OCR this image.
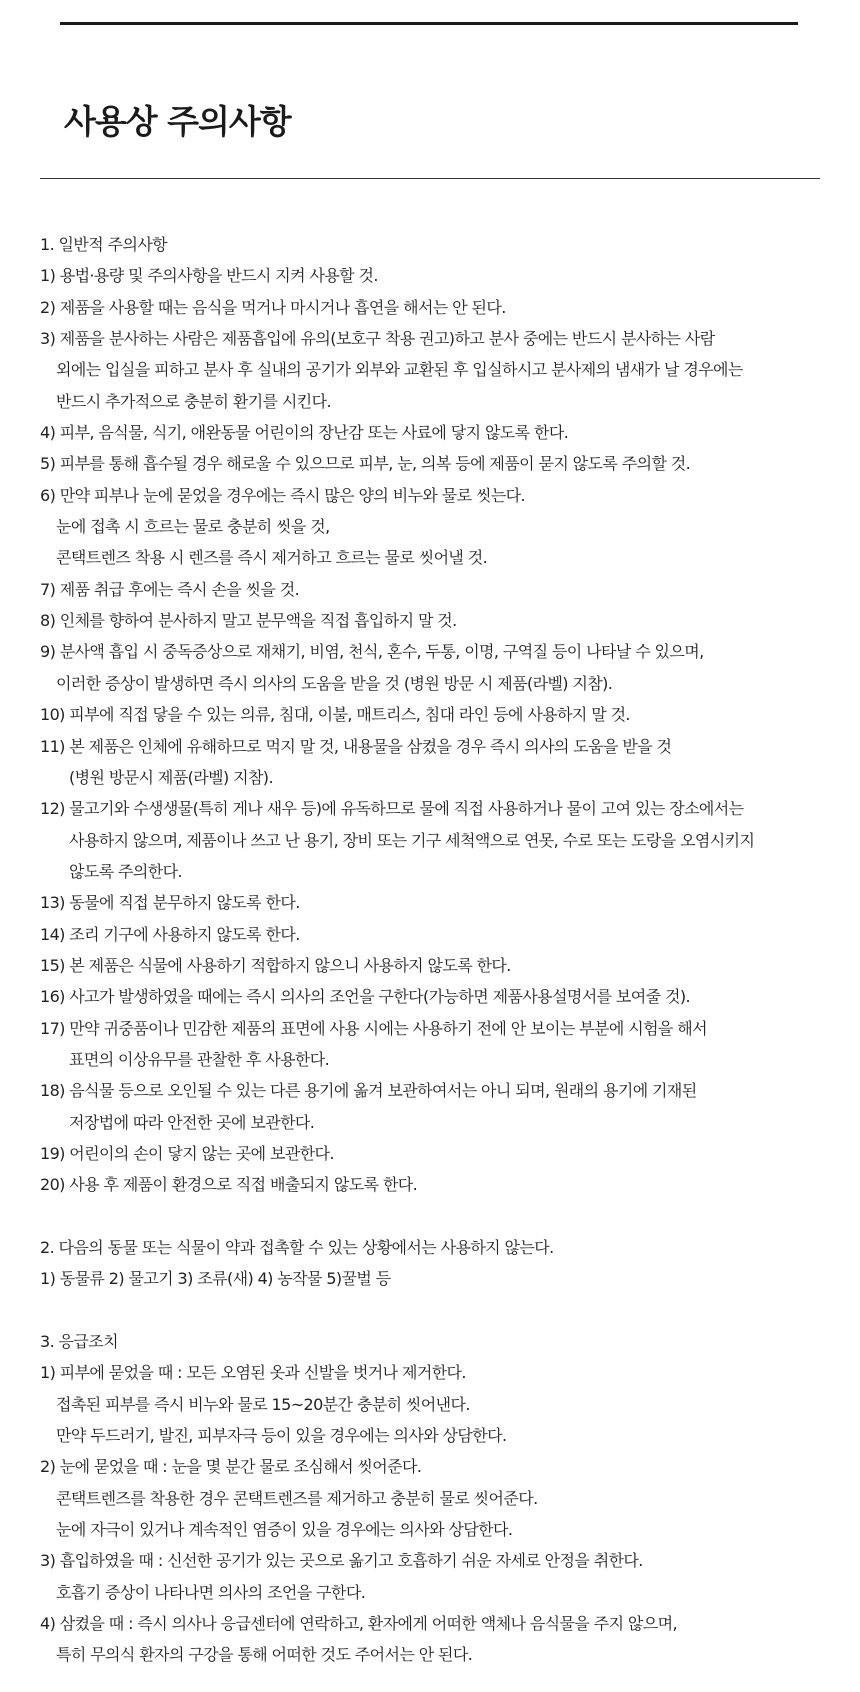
사용상 주의사항
1. 일반적 주의사항
1) 용법·용량 및 주의사항을 반드시 지켜 사용할 것.
2) 제품을 사용할 때는 음식을 먹거나 마시거나 흡연을 해서는 안 된다.
3) 제품을 분사하는 사람은 제품흡입에 유의(보호구 착용 권고)하고 분사 중에는 반드시 분사하는 사람
외에는 입실을 피하고 분사 후 실내의 공기가 외부와 교환된 후 입실하시고 분사제의 냄새가 날 경우에는
반드시 추가적으로 충분히 환기를 시킨다.
4) 피부, 음식물, 식기, 애완동물 어린이의 장난감 또는 사료에 닿지 않도록 한다.
5) 피부를 통해 흡수될 경우 해로울 수 있으므로 피부, 눈, 의복 등에 제품이 묻지 않도록 주의할 것.
6) 만약 피부나 눈에 묻었을 경우에는 즉시 많은 양의 비누와 물로 씻는다.
눈에 접촉 시 흐르는 물로 충분히 씻을 것,
콘택트렌즈 착용 시 렌즈를 즉시 제거하고 흐르는 물로 씻어낼 것.
7) 제품 취급 후에는 즉시 손을 씻을 것.
8) 인체를 향하여 분사하지 말고 분무액을 직접 흡입하지 말 것.
9) 분사액 흡입 시 중독증상으로 재채기, 비염, 천식, 혼수, 두통, 이명, 구역질 등이 나타날 수 있으며,
이러한 증상이 발생하면 즉시 의사의 도움을 받을 것 (병원 방문 시 제품(라벨) 지참).
10) 피부에 직접 닿을 수 있는 의류, 침대, 이불, 매트리스, 침대 라인 등에 사용하지 말 것.
11) 본 제품은 인체에 유해하므로 먹지 말 것, 내용물을 삼켰을 경우 즉시 의사의 도움을 받을 것
(병원 방문시 제품(라벨) 지참).
12) 물고기와 수생생물(특히 게나 새우 등)에 유독하므로 물에 직접 사용하거나 물이 고여 있는 장소에서는
사용하지 않으며, 제품이나 쓰고 난 용기, 장비 또는 기구 세척액으로 연못, 수로 또는 도랑을 오염시키지
않도록 주의한다.
13) 동물에 직접 분무하지 않도록 한다.
14) 조리 기구에 사용하지 않도록 한다.
15) 본 제품은 식물에 사용하기 적합하지 않으니 사용하지 않도록 한다.
16) 사고가 발생하였을 때에는 즉시 의사의 조언을 구한다(가능하면 제품사용설명서를 보여줄 것).
17) 만약 귀중품이나 민감한 제품의 표면에 사용 시에는 사용하기 전에 안 보이는 부분에 시험을 해서
표면의 이상유무를 관찰한 후 사용한다.
18) 음식물 등으로 오인될 수 있는 다른 용기에 옮겨 보관하여서는 아니 되며, 원래의 용기에 기재된
저장법에 따라 안전한 곳에 보관한다.
19) 어린이의 손이 닿지 않는 곳에 보관한다.
20) 사용 후 제품이 환경으로 직접 배출되지 않도록 한다.
2. 다음의 동물 또는 식물이 약과 접촉할 수 있는 상황에서는 사용하지 않는다.
1) 동물류 2) 물고기 3) 조류(새) 4) 농작물 5)꿀벌 등
3. 응급조치
1) 피부에 묻었을 때 : 모든 오염된 옷과 신발을 벗거나 제거한다.
접촉된 피부를 즉시 비누와 물로 15~20분간 충분히 씻어낸다.
만약 두드러기, 발진, 피부자극 등이 있을 경우에는 의사와 상담한다.
2) 눈에 묻었을 때 : 눈을 몇 분간 물로 조심해서 씻어준다.
콘택트렌즈를 착용한 경우 콘택트렌즈를 제거하고 충분히 물로 씻어준다.
눈에 자극이 있거나 계속적인 염증이 있을 경우에는 의사와 상담한다.
3) 흡입하였을 때 : 신선한 공기가 있는 곳으로 옮기고 호흡하기 쉬운 자세로 안정을 취한다.
호흡기 증상이 나타나면 의사의 조언을 구한다.
4) 삼켰을 때 : 즉시 의사나 응급센터에 연락하고, 환자에게 어떠한 액체나 음식물을 주지 않으며,
특히 무의식 환자의 구강을 통해 어떠한 것도 주어서는 안 된다.
